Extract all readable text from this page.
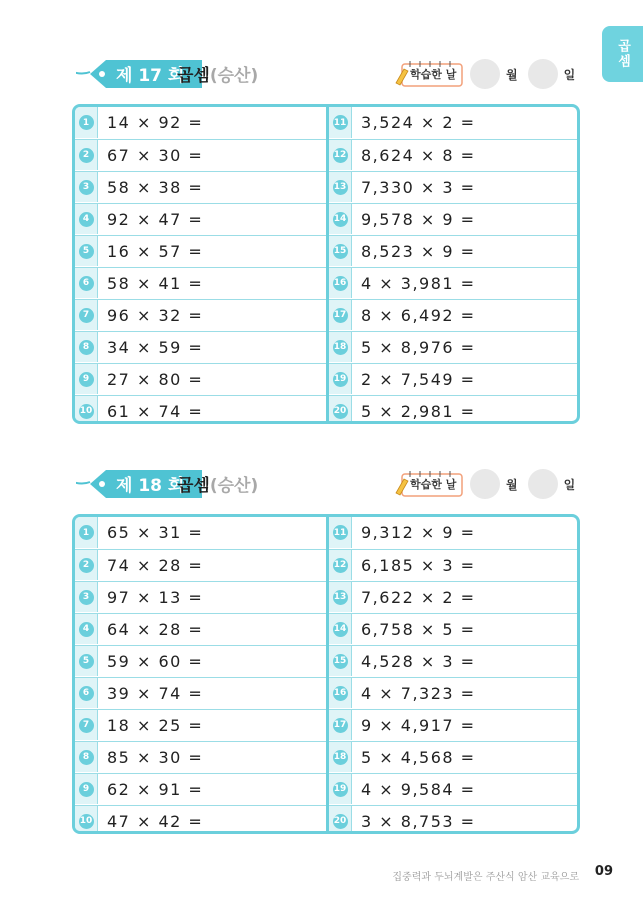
곱셈
제 17 회
곱셈(승산)	학습한 날	월	일
1 14 × 92 =
2 67 × 30 =
3 58 × 38 =
4 92 × 47 =
5 16 × 57 =
6 58 × 41 =
7 96 × 32 =
8 34 × 59 =
9 27 × 80 =
10 61 × 74 =
11 3,524 × 2 =
12 8,624 × 8 =
13 7,330 × 3 =
14 9,578 × 9 =
15 8,523 × 9 =
16 4 × 3,981 =
17 8 × 6,492 =
18 5 × 8,976 =
19 2 × 7,549 =
20 5 × 2,981 =
제 18 회
곱셈(승산)	학습한 날	월	일
1 65 × 31 =
2 74 × 28 =
3 97 × 13 =
4 64 × 28 =
5 59 × 60 =
6 39 × 74 =
7 18 × 25 =
8 85 × 30 =
9 62 × 91 =
10 47 × 42 =
11 9,312 × 9 =
12 6,185 × 3 =
13 7,622 × 2 =
14 6,758 × 5 =
15 4,528 × 3 =
16 4 × 7,323 =
17 9 × 4,917 =
18 5 × 4,568 =
19 4 × 9,584 =
20 3 × 8,753 =
집중력과 두뇌계발은 주산식 암산 교육으로 09
